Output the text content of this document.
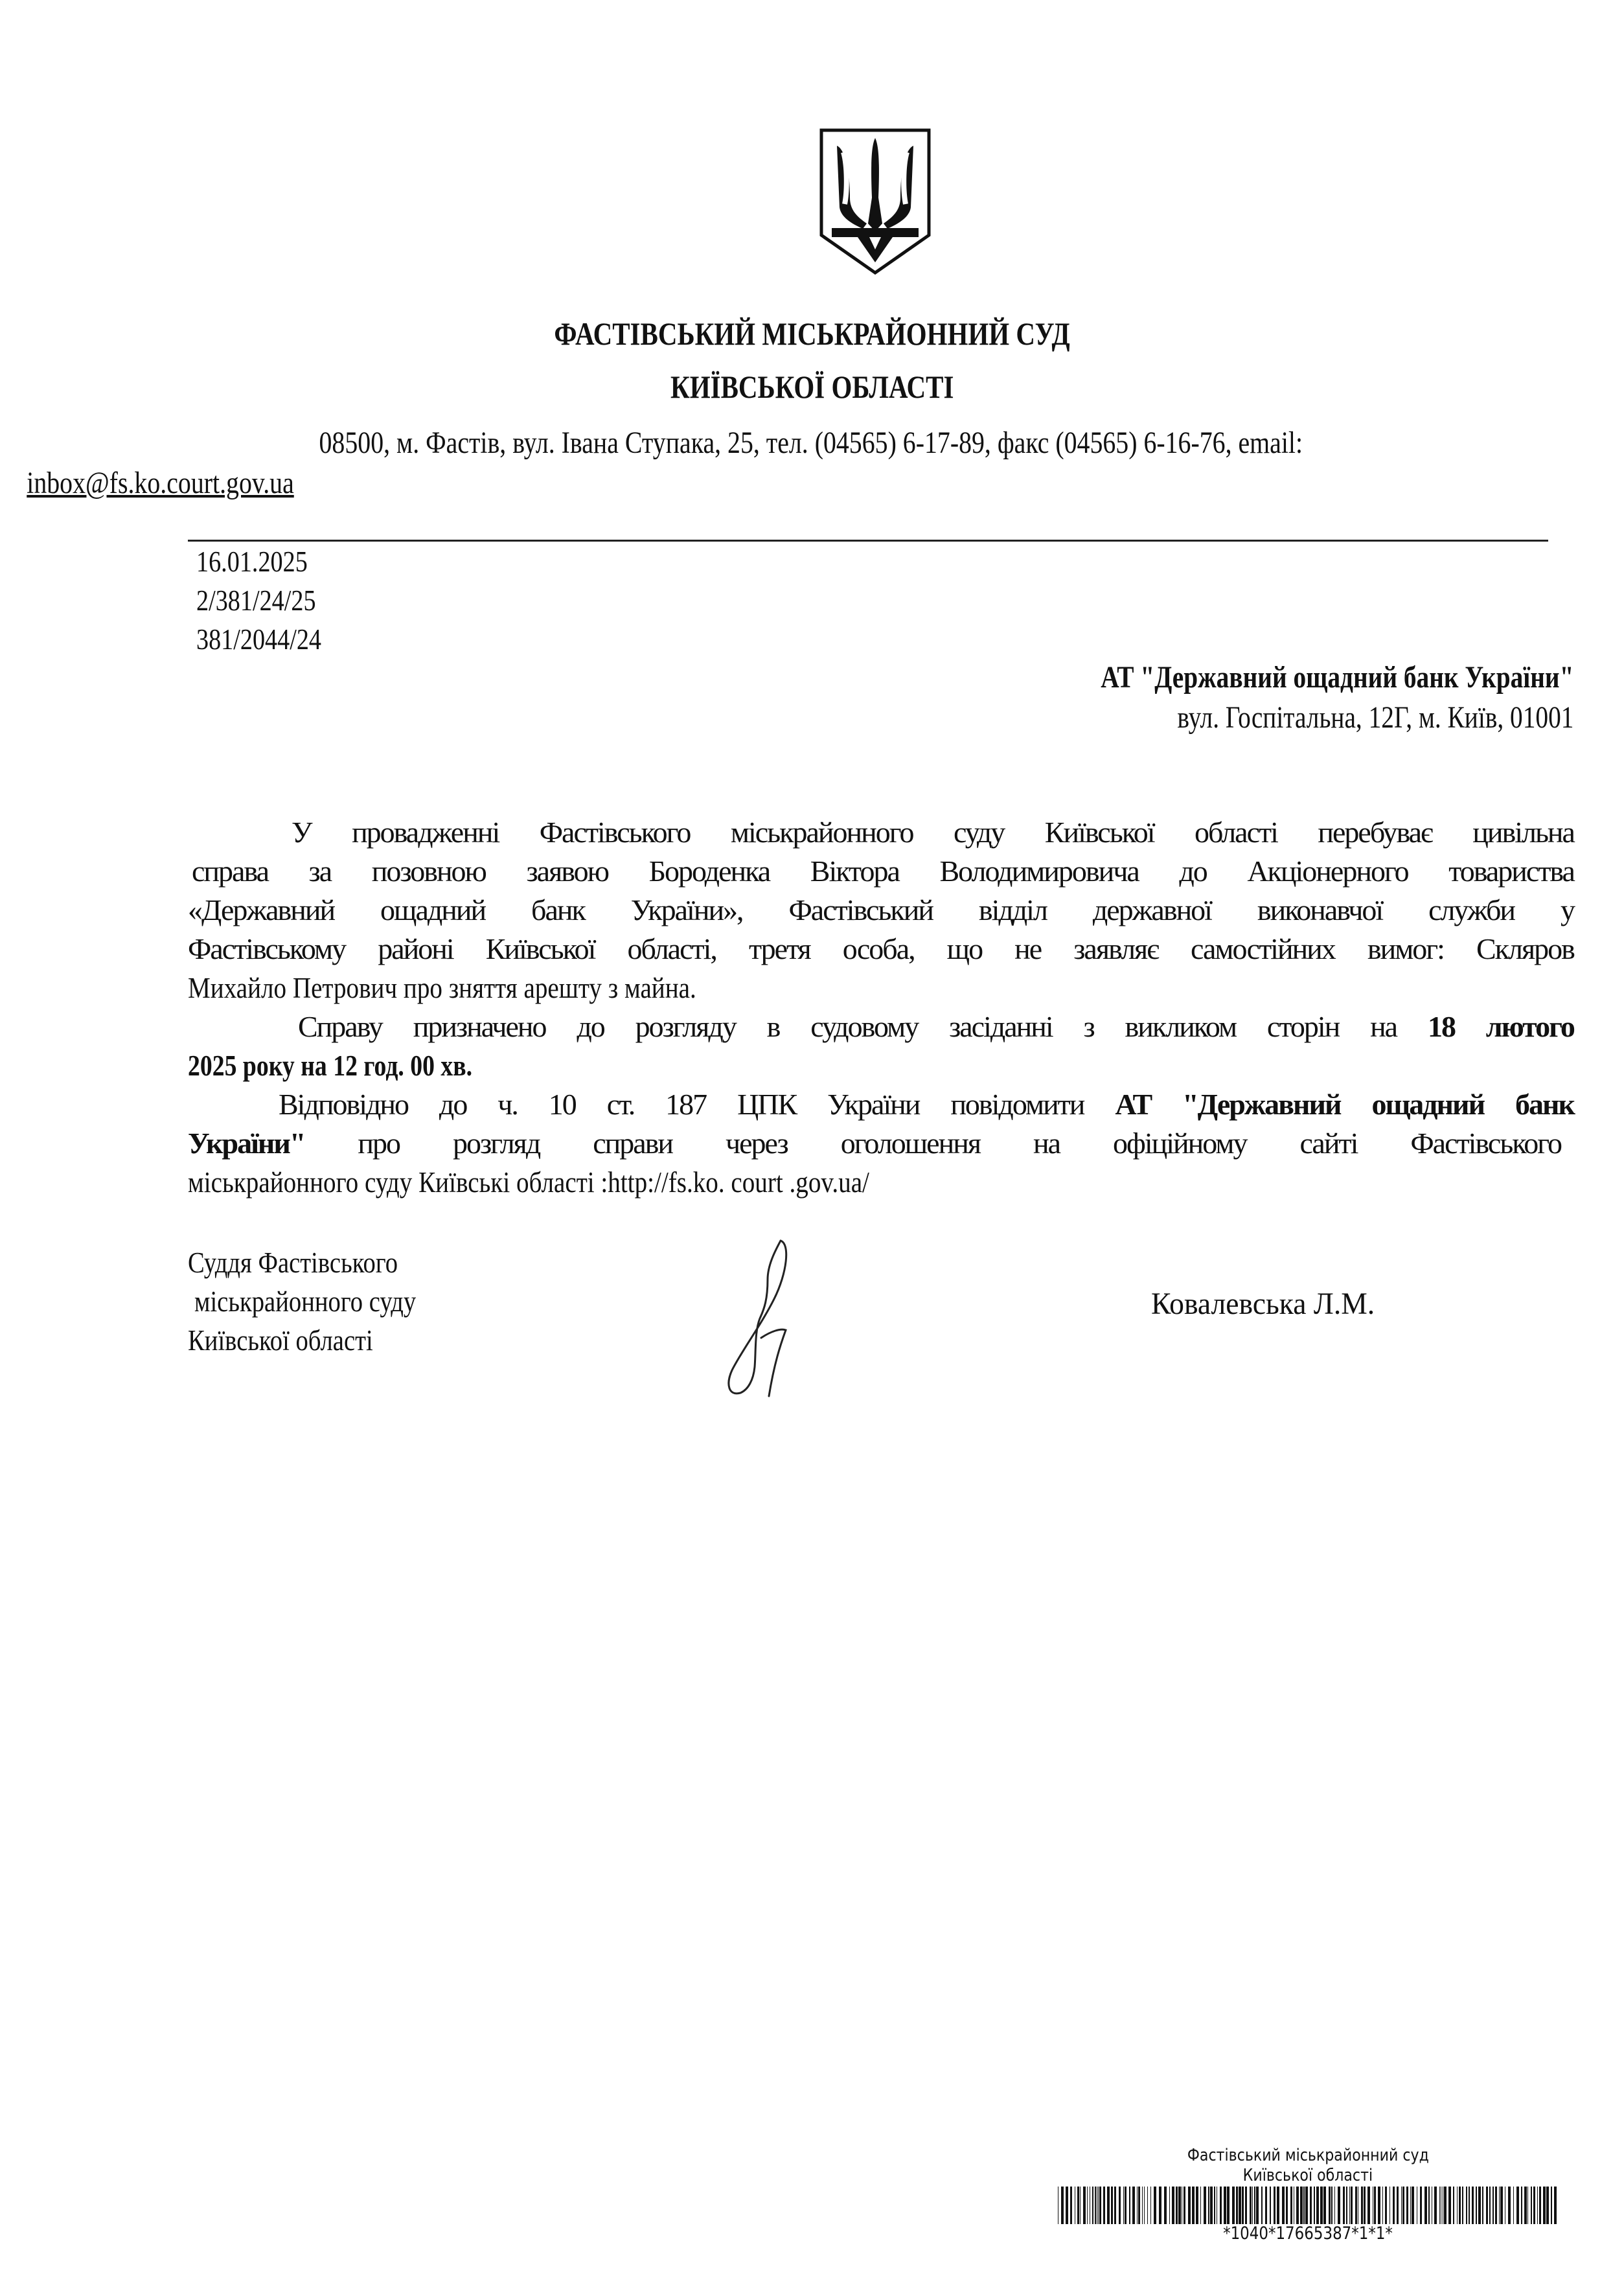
ФАСТІВСЬКИЙ МІСЬКРАЙОННИЙ СУД
КИЇВСЬКОЇ ОБЛАСТІ
08500, м. Фастів, вул. Івана Ступака, 25, тел. (04565) 6-17-89, факс (04565) 6-16-76, email:
inbox@fs.ko.court.gov.ua
16.01.2025
2/381/24/25
381/2044/24
АТ "Державний ощадний банк України"
вул. Госпітальна, 12Г, м. Київ, 01001
У провадженні Фастівського міськрайонного суду Київської області перебуває цивільна
справа за позовною заявою Бороденка Віктора Володимировича до Акціонерного товариства
«Державний ощадний банк України», Фастівський відділ державної виконавчої служби у
Фастівському районі Київської області, третя особа, що не заявляє самостійних вимог: Скляров
Михайло Петрович про зняття арешту з майна.
Справу призначено до розгляду в судовому засіданні з викликом сторін на 18 лютого
2025 року на 12 год. 00 хв.
Відповідно до ч. 10 ст. 187 ЦПК України повідомити АТ "Державний ощадний банк
України" про розгляд справи через оголошення на офіційному сайті Фастівського
міськрайонного суду Київські області :http://fs.ko. court .gov.ua/
Суддя Фастівського
міськрайонного суду
Київської області
Ковалевська Л.М.
Фастівський міськрайонний суд
Київської області
*1040*17665387*1*1*
